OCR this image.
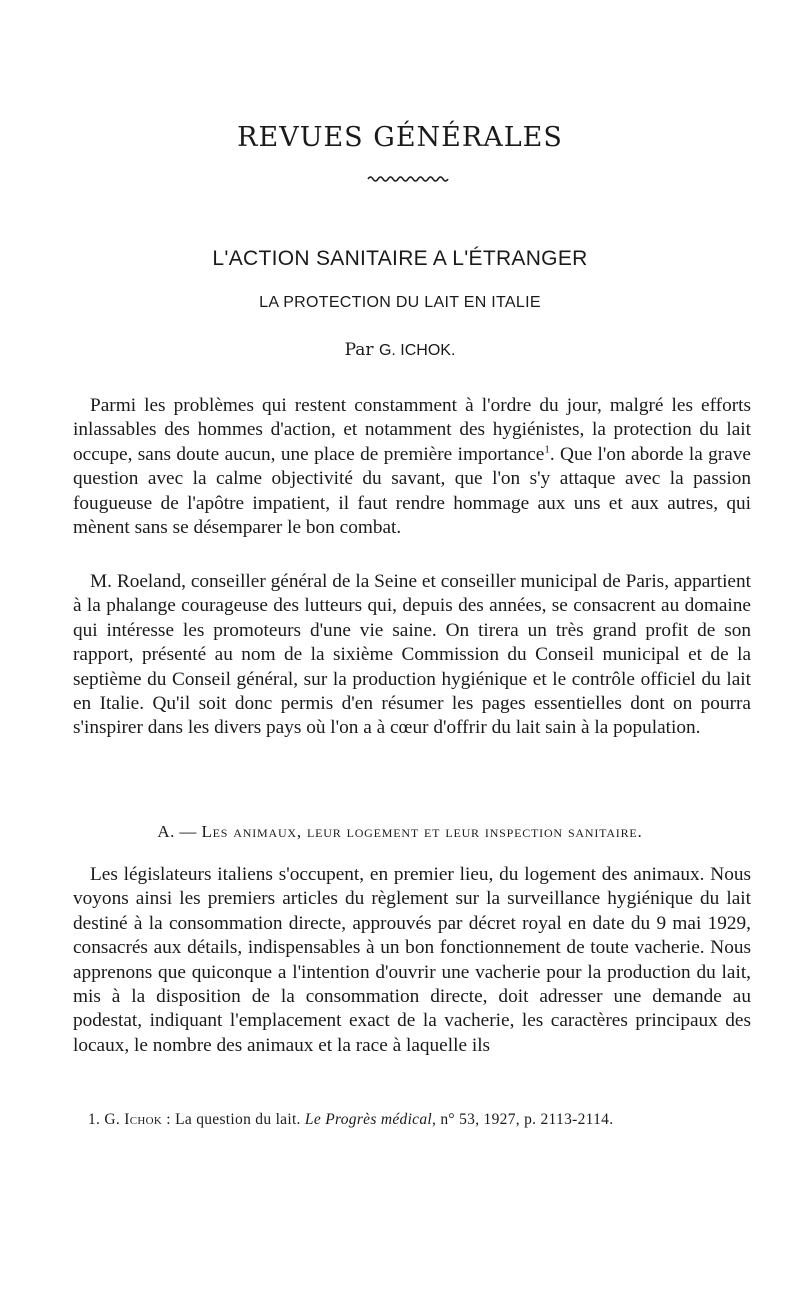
REVUES GÉNÉRALES
L'ACTION SANITAIRE A L'ÉTRANGER
LA PROTECTION DU LAIT EN ITALIE

Par G. ICHOK.

Parmi les problèmes qui restent constamment à l'ordre du jour, malgré les efforts inlassables des hommes d'action, et notamment des hygiénistes, la protection du lait occupe, sans doute aucun, une place de première importance$^1$. Que l'on aborde la grave question avec la calme objectivité du savant, que l'on s'y attaque avec la passion fougueuse de l'apôtre impatient, il faut rendre hommage aux uns et aux autres, qui mènent sans se désemparer le bon combat.

M. Roeland, conseiller général de la Seine et conseiller municipal de Paris, appartient à la phalange courageuse des lutteurs qui, depuis des années, se consacrent au domaine qui intéresse les promoteurs d'une vie saine. On tirera un très grand profit de son rapport, présenté au nom de la sixième Commission du Conseil municipal et de la septième du Conseil général, sur la production hygiénique et le contrôle officiel du lait en Italie. Qu'il soit donc permis d'en résumer les pages essentielles dont on pourra s'inspirer dans les divers pays où l'on a à cœur d'offrir du lait sain à la population.

A. — Les animaux, leur logement et leur inspection sanitaire.

Les législateurs italiens s'occupent, en premier lieu, du logement des animaux. Nous voyons ainsi les premiers articles du règlement sur la surveillance hygiénique du lait destiné à la consommation directe, approuvés par décret royal en date du 9 mai 1929, consacrés aux détails, indispensables à un bon fonctionnement de toute vacherie. Nous apprenons que quiconque a l'intention d'ouvrir une vacherie pour la production du lait, mis à la disposition de la consommation directe, doit adresser une demande au podestat, indiquant l'emplacement exact de la vacherie, les caractères principaux des locaux, le nombre des animaux et la race à laquelle ils

1. G. Ichok : La question du lait. Le Progrès médical, n° 53, 1927, p. 2113-2114.
